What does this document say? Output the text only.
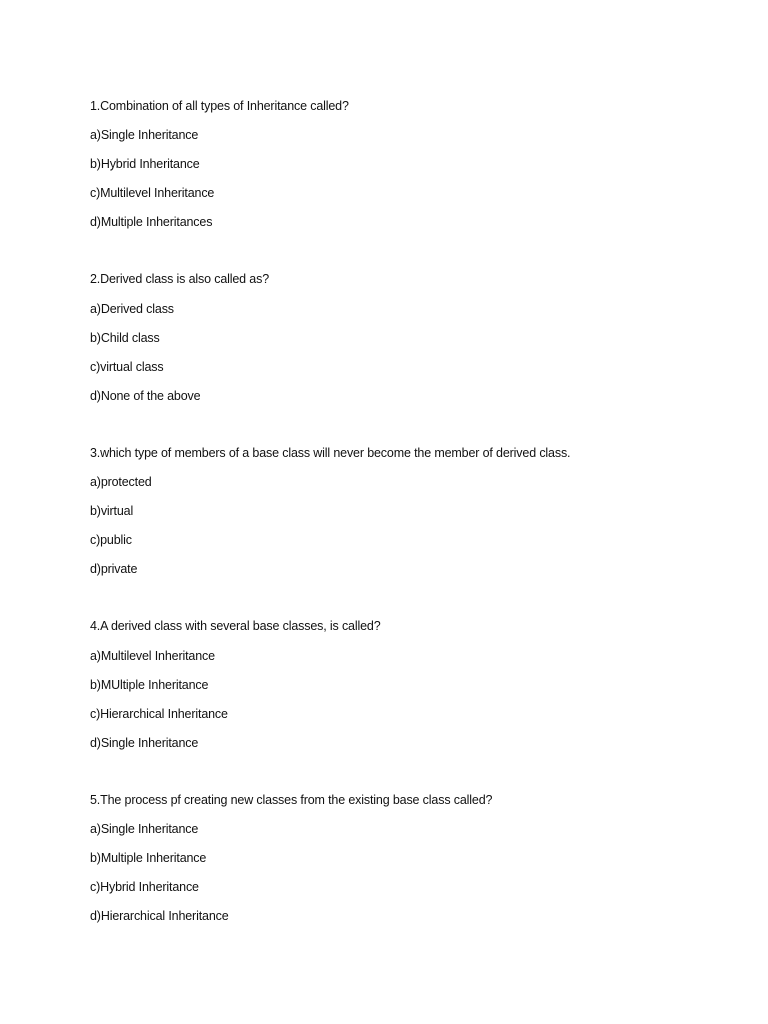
1.Combination of all types of Inheritance called?
a)Single Inheritance
b)Hybrid Inheritance
c)Multilevel Inheritance
d)Multiple Inheritances
2.Derived class is also called as?
a)Derived class
b)Child class
c)virtual class
d)None of the above
3.which type of members of a base class will never become the member of derived class.
a)protected
b)virtual
c)public
d)private
4.A derived class with several base classes, is called?
a)Multilevel Inheritance
b)MUltiple Inheritance
c)Hierarchical Inheritance
d)Single Inheritance
5.The process pf creating new classes from the existing base class called?
a)Single Inheritance
b)Multiple Inheritance
c)Hybrid Inheritance
d)Hierarchical Inheritance
